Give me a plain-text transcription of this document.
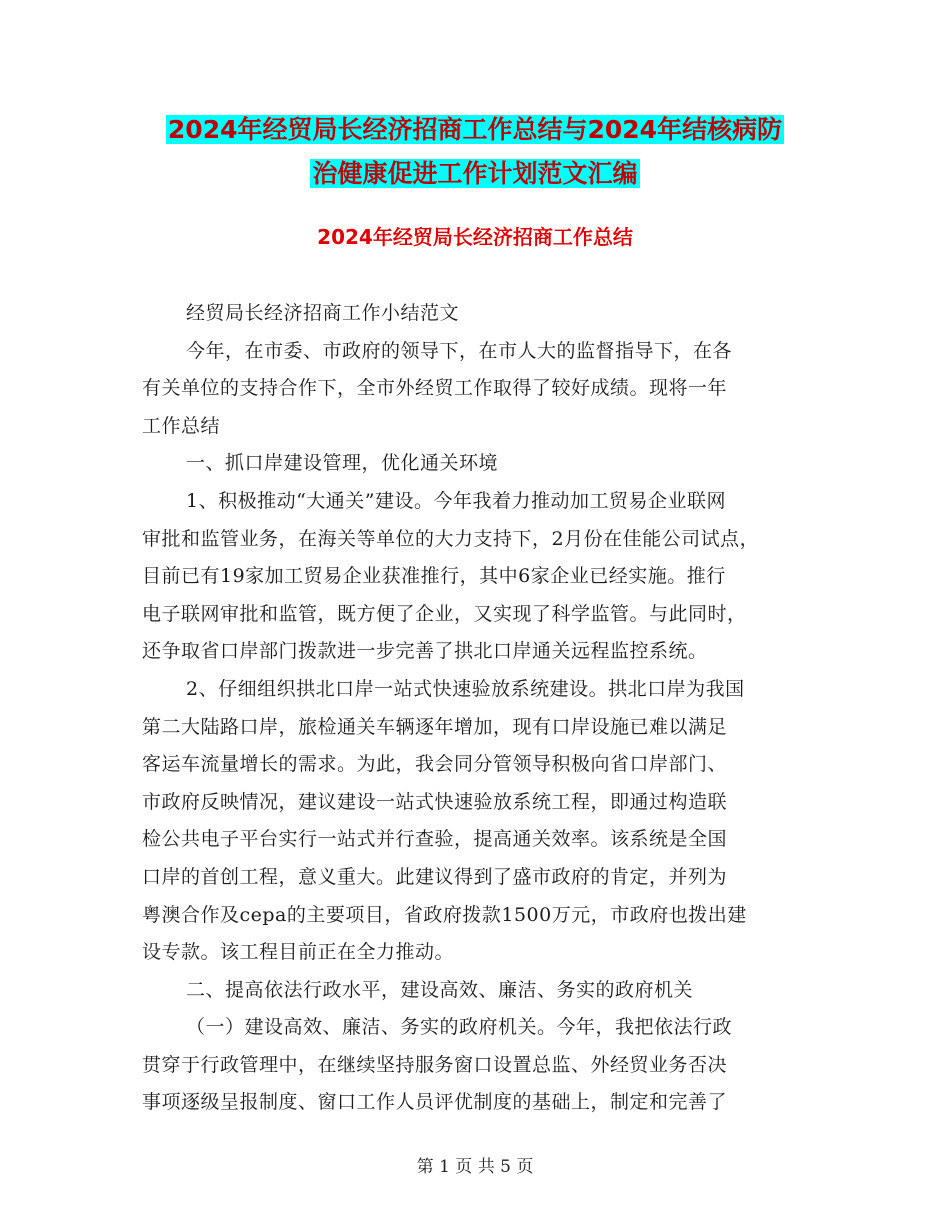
2024年经贸局长经济招商工作总结与2024年结核病防
治健康促进工作计划范文汇编
2024年经贸局长经济招商工作总结
经贸局长经济招商工作小结范文
今年，在市委、市政府的领导下，在市人大的监督指导下，在各
有关单位的支持合作下，全市外经贸工作取得了较好成绩。现将一年
工作总结
一、抓口岸建设管理，优化通关环境
1、积极推动“大通关”建设。今年我着力推动加工贸易企业联网
审批和监管业务，在海关等单位的大力支持下，2月份在佳能公司试点，
目前已有19家加工贸易企业获准推行，其中6家企业已经实施。推行
电子联网审批和监管，既方便了企业，又实现了科学监管。与此同时，
还争取省口岸部门拨款进一步完善了拱北口岸通关远程监控系统。
2、仔细组织拱北口岸一站式快速验放系统建设。拱北口岸为我国
第二大陆路口岸，旅检通关车辆逐年增加，现有口岸设施已难以满足
客运车流量增长的需求。为此，我会同分管领导积极向省口岸部门、
市政府反映情况，建议建设一站式快速验放系统工程，即通过构造联
检公共电子平台实行一站式并行查验，提高通关效率。该系统是全国
口岸的首创工程，意义重大。此建议得到了盛市政府的肯定，并列为
粤澳合作及cepa的主要项目，省政府拨款1500万元，市政府也拨出建
设专款。该工程目前正在全力推动。
二、提高依法行政水平，建设高效、廉洁、务实的政府机关
（一）建设高效、廉洁、务实的政府机关。今年，我把依法行政
贯穿于行政管理中，在继续坚持服务窗口设置总监、外经贸业务否决
事项逐级呈报制度、窗口工作人员评优制度的基础上，制定和完善了
第 1 页 共 5 页
